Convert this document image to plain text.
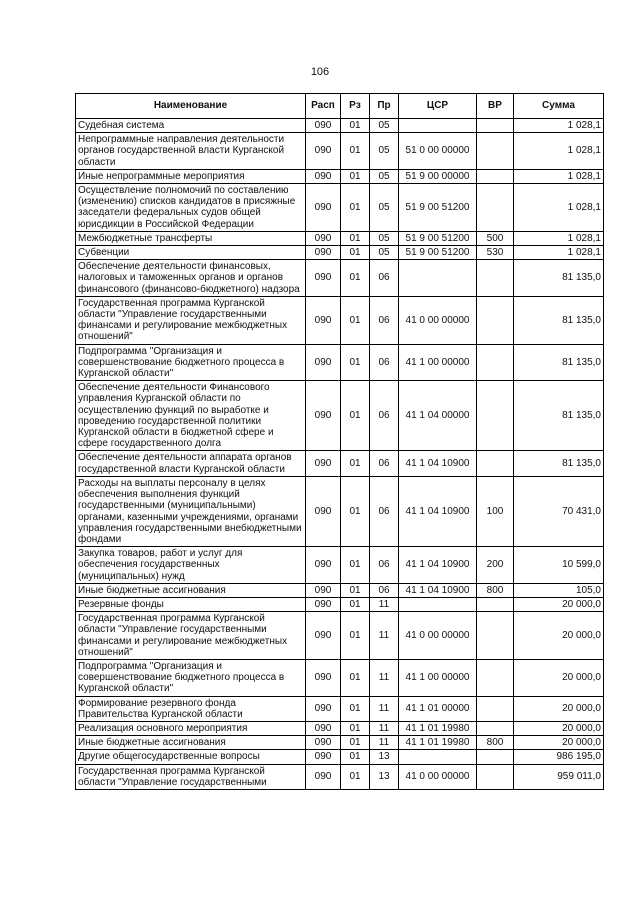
106
Наименование	Расп	Рз	Пр	ЦСР	ВР	Сумма
Судебная система	090	01	05			1 028,1
Непрограммные направления деятельности органов государственной власти Курганской области	090	01	05	51 0 00 00000		1 028,1
Иные непрограммные мероприятия	090	01	05	51 9 00 00000		1 028,1
Осуществление полномочий по составлению (изменению) списков кандидатов в присяжные заседатели федеральных судов общей юрисдикции в Российской Федерации	090	01	05	51 9 00 51200		1 028,1
Межбюджетные трансферты	090	01	05	51 9 00 51200	500	1 028,1
Субвенции	090	01	05	51 9 00 51200	530	1 028,1
Обеспечение деятельности финансовых, налоговых и таможенных органов и органов финансового (финансово-бюджетного) надзора	090	01	06			81 135,0
Государственная программа Курганской области "Управление государственными финансами и регулирование межбюджетных отношений"	090	01	06	41 0 00 00000		81 135,0
Подпрограмма "Организация и совершенствование бюджетного процесса в Курганской области"	090	01	06	41 1 00 00000		81 135,0
Обеспечение деятельности Финансового управления Курганской области по осуществлению функций по выработке и проведению государственной политики Курганской области в бюджетной сфере и сфере государственного долга	090	01	06	41 1 04 00000		81 135,0
Обеспечение деятельности аппарата органов государственной власти Курганской области	090	01	06	41 1 04 10900		81 135,0
Расходы на выплаты персоналу в целях обеспечения выполнения функций государственными (муниципальными) органами, казенными учреждениями, органами управления государственными внебюджетными фондами	090	01	06	41 1 04 10900	100	70 431,0
Закупка товаров, работ и услуг для обеспечения государственных (муниципальных) нужд	090	01	06	41 1 04 10900	200	10 599,0
Иные бюджетные ассигнования	090	01	06	41 1 04 10900	800	105,0
Резервные фонды	090	01	11			20 000,0
Государственная программа Курганской области "Управление государственными финансами и регулирование межбюджетных отношений"	090	01	11	41 0 00 00000		20 000,0
Подпрограмма "Организация и совершенствование бюджетного процесса в Курганской области"	090	01	11	41 1 00 00000		20 000,0
Формирование резервного фонда Правительства Курганской области	090	01	11	41 1 01 00000		20 000,0
Реализация основного мероприятия	090	01	11	41 1 01 19980		20 000,0
Иные бюджетные ассигнования	090	01	11	41 1 01 19980	800	20 000,0
Другие общегосударственные вопросы	090	01	13			986 195,0
Государственная программа Курганской области "Управление государственными	090	01	13	41 0 00 00000		959 011,0
